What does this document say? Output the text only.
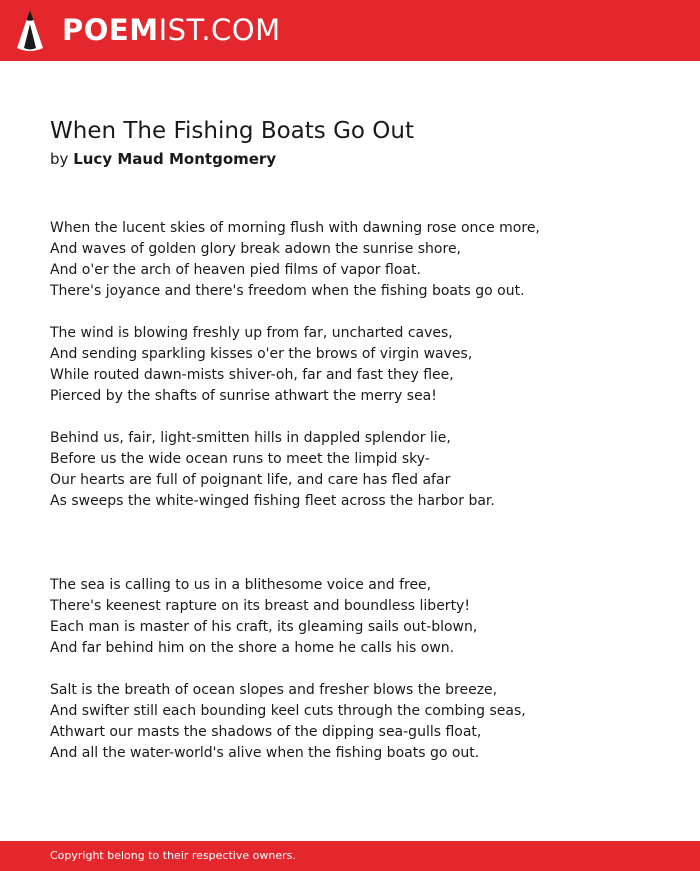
POEMIST.COM
When The Fishing Boats Go Out
by Lucy Maud Montgomery
When the lucent skies of morning flush with dawning rose once more,
And waves of golden glory break adown the sunrise shore,
And o'er the arch of heaven pied films of vapor float.
There's joyance and there's freedom when the fishing boats go out.
The wind is blowing freshly up from far, uncharted caves,
And sending sparkling kisses o'er the brows of virgin waves,
While routed dawn-mists shiver-oh, far and fast they flee,
Pierced by the shafts of sunrise athwart the merry sea!
Behind us, fair, light-smitten hills in dappled splendor lie,
Before us the wide ocean runs to meet the limpid sky-
Our hearts are full of poignant life, and care has fled afar
As sweeps the white-winged fishing fleet across the harbor bar.
The sea is calling to us in a blithesome voice and free,
There's keenest rapture on its breast and boundless liberty!
Each man is master of his craft, its gleaming sails out-blown,
And far behind him on the shore a home he calls his own.
Salt is the breath of ocean slopes and fresher blows the breeze,
And swifter still each bounding keel cuts through the combing seas,
Athwart our masts the shadows of the dipping sea-gulls float,
And all the water-world's alive when the fishing boats go out.
Copyright belong to their respective owners.
